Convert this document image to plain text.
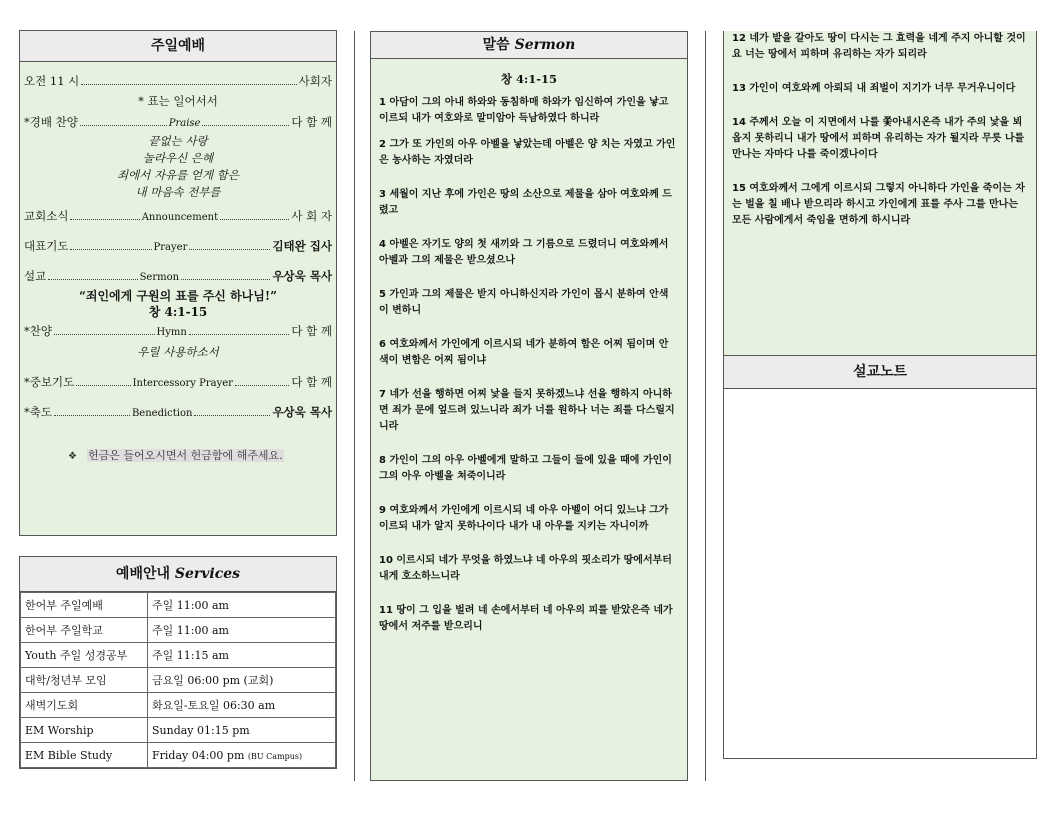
주일예배
오전 11 시	사회자
* 표는 일어서서
*경배 찬양	Praise	다 함 께
끝없는 사랑
놀라우신 은혜
죄에서 자유를 얻게 함은
내 마음속 전부를
교회소식	Announcement	사 회 자
대표기도	Prayer	김태완 집사
설교	Sermon	우상욱 목사
“죄인에게 구원의 표를 주신 하나님!”
창 4:1-15
*찬양	Hymn	다 함 께
우릴 사용하소서
*중보기도	Intercessory Prayer	다 함 께
*축도	Benediction	우상욱 목사
❖ 헌금은 들어오시면서 헌금함에 해주세요.
예배안내 Services
한어부 주일예배	주일 11:00 am
한어부 주일학교	주일 11:00 am
Youth 주일 성경공부	주일 11:15 am
대학/청년부 모임	금요일 06:00 pm (교회)
새벽기도회	화요일-토요일 06:30 am
EM Worship	Sunday 01:15 pm
EM Bible Study	Friday 04:00 pm (BU Campus)
말씀 Sermon
창 4:1-15
1 아담이 그의 아내 하와와 동침하매 하와가 임신하여 가인을 낳고 이르되 내가 여호와로 말미암아 득남하였다 하니라
2 그가 또 가인의 아우 아벨을 낳았는데 아벨은 양 치는 자였고 가인은 농사하는 자였더라
3 세월이 지난 후에 가인은 땅의 소산으로 제물을 삼아 여호와께 드렸고
4 아벨은 자기도 양의 첫 새끼와 그 기름으로 드렸더니 여호와께서 아벨과 그의 제물은 받으셨으나
5 가인과 그의 제물은 받지 아니하신지라 가인이 몹시 분하여 안색이 변하니
6 여호와께서 가인에게 이르시되 네가 분하여 함은 어찌 됨이며 안색이 변함은 어찌 됨이냐
7 네가 선을 행하면 어찌 낯을 들지 못하겠느냐 선을 행하지 아니하면 죄가 문에 엎드려 있느니라 죄가 너를 원하나 너는 죄를 다스릴지니라
8 가인이 그의 아우 아벨에게 말하고 그들이 들에 있을 때에 가인이 그의 아우 아벨을 쳐죽이니라
9 여호와께서 가인에게 이르시되 네 아우 아벨이 어디 있느냐 그가 이르되 내가 알지 못하나이다 내가 내 아우를 지키는 자니이까
10 이르시되 네가 무엇을 하였느냐 네 아우의 핏소리가 땅에서부터 내게 호소하느니라
11 땅이 그 입을 벌려 네 손에서부터 네 아우의 피를 받았은즉 네가 땅에서 저주를 받으리니
12 네가 밭을 갈아도 땅이 다시는 그 효력을 네게 주지 아니할 것이요 너는 땅에서 피하며 유리하는 자가 되리라
13 가인이 여호와께 아뢰되 내 죄벌이 지기가 너무 무거우니이다
14 주께서 오늘 이 지면에서 나를 쫓아내시온즉 내가 주의 낯을 뵈옵지 못하리니 내가 땅에서 피하며 유리하는 자가 될지라 무릇 나를 만나는 자마다 나를 죽이겠나이다
15 여호와께서 그에게 이르시되 그렇지 아니하다 가인을 죽이는 자는 벌을 칠 배나 받으리라 하시고 가인에게 표를 주사 그를 만나는 모든 사람에게서 죽임을 면하게 하시니라
설교노트
